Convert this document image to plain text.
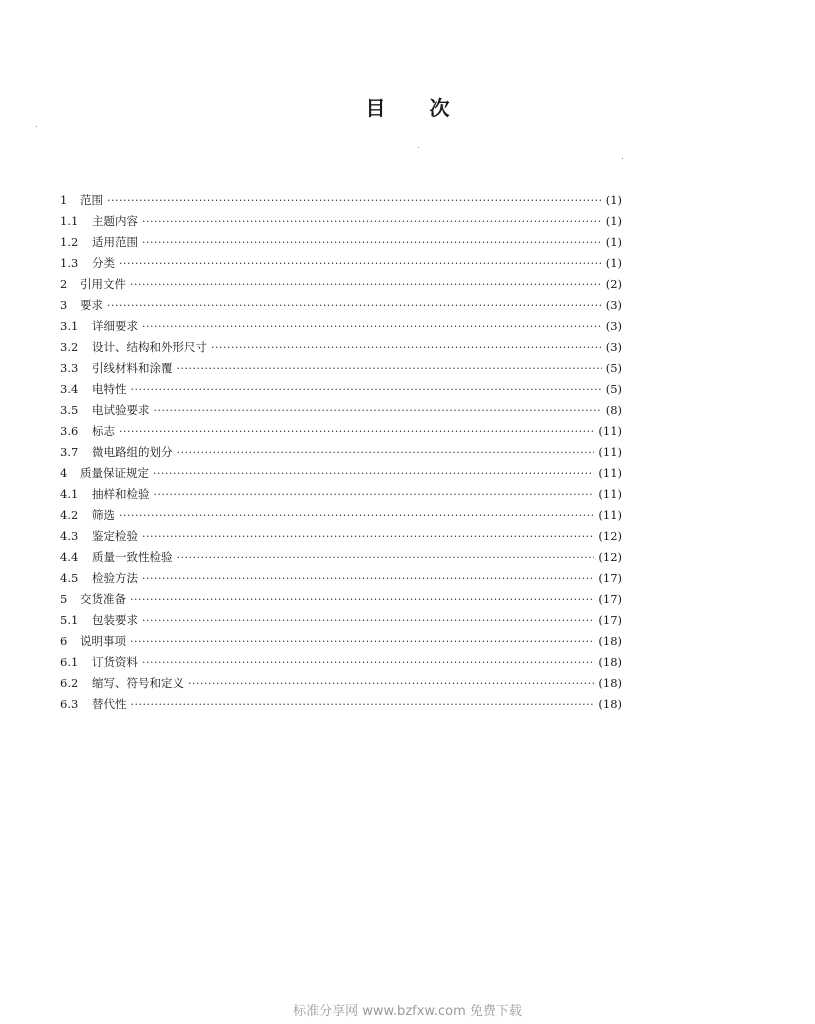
目 次
1	范围 ·····	(1)
1.1	主题内容 ·····	(1)
1.2	适用范围 ·····	(1)
1.3	分类 ·····	(1)
2	引用文件 ·····	(2)
3	要求 ·····	(3)
3.1	详细要求 ·····	(3)
3.2	设计、结构和外形尺寸 ·····	(3)
3.3	引线材料和涂覆 ·····	(5)
3.4	电特性 ·····	(5)
3.5	电试验要求 ·····	(8)
3.6	标志 ·····	(11)
3.7	微电路组的划分 ·····	(11)
4	质量保证规定 ·····	(11)
4.1	抽样和检验 ·····	(11)
4.2	筛选 ·····	(11)
4.3	鉴定检验 ·····	(12)
4.4	质量一致性检验 ·····	(12)
4.5	检验方法 ·····	(17)
5	交货准备 ·····	(17)
5.1	包装要求 ·····	(17)
6	说明事项 ·····	(18)
6.1	订货资料 ·····	(18)
6.2	缩写、符号和定义 ·····	(18)
6.3	替代性 ·····	(18)
标准分享网 www.bzfxw.com 免费下载
